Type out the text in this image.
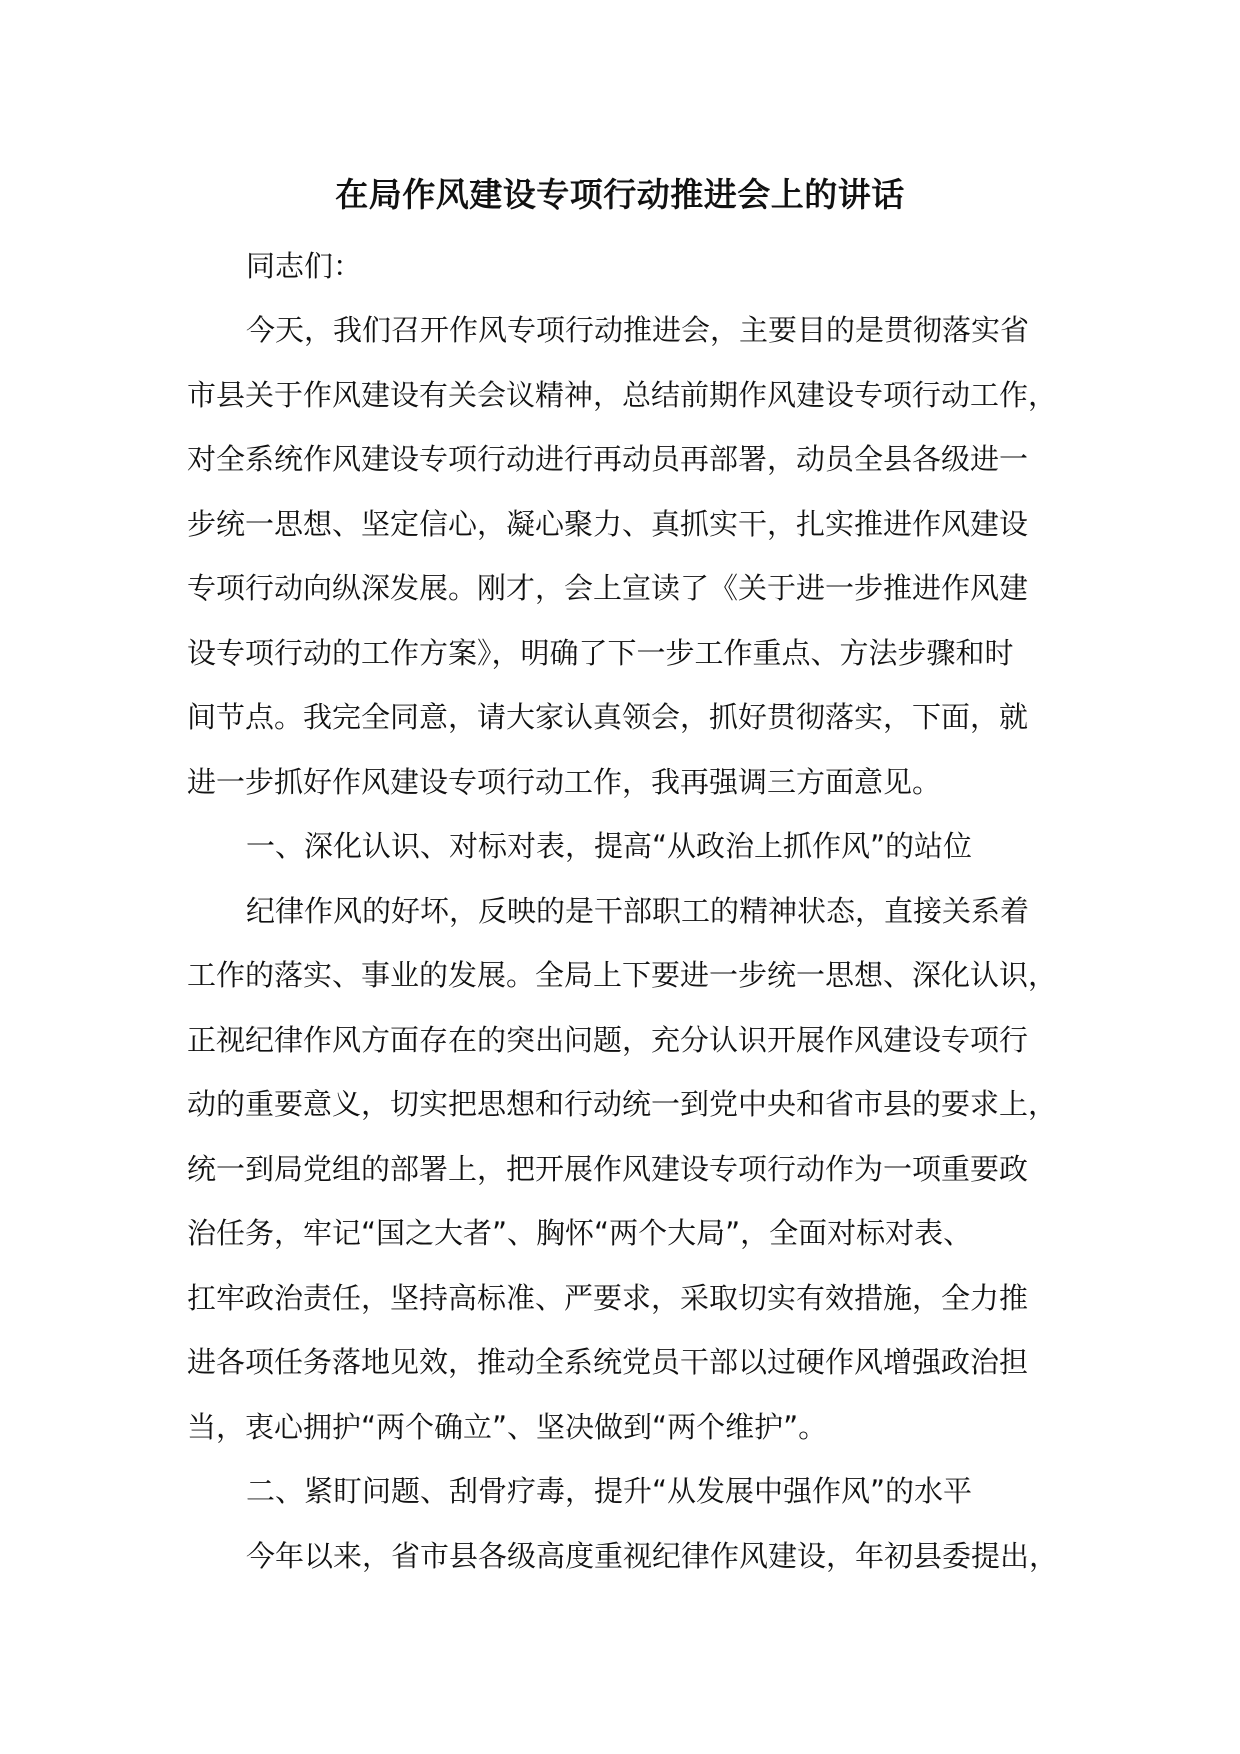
在局作风建设专项行动推进会上的讲话

同志们：

今天，我们召开作风专项行动推进会，主要目的是贯彻落实省

市县关于作风建设有关会议精神，总结前期作风建设专项行动工作，

对全系统作风建设专项行动进行再动员再部署，动员全县各级进一

步统一思想、坚定信心，凝心聚力、真抓实干，扎实推进作风建设

专项行动向纵深发展。刚才，会上宣读了《关于进一步推进作风建

设专项行动的工作方案》，明确了下一步工作重点、方法步骤和时

间节点。我完全同意，请大家认真领会，抓好贯彻落实，下面，就

进一步抓好作风建设专项行动工作，我再强调三方面意见。

一、深化认识、对标对表，提高“从政治上抓作风”的站位

纪律作风的好坏，反映的是干部职工的精神状态，直接关系着

工作的落实、事业的发展。全局上下要进一步统一思想、深化认识，

正视纪律作风方面存在的突出问题，充分认识开展作风建设专项行

动的重要意义，切实把思想和行动统一到党中央和省市县的要求上，

统一到局党组的部署上，把开展作风建设专项行动作为一项重要政

治任务，牢记“国之大者”、胸怀“两个大局”，全面对标对表、

扛牢政治责任，坚持高标准、严要求，采取切实有效措施，全力推

进各项任务落地见效，推动全系统党员干部以过硬作风增强政治担

当，衷心拥护“两个确立”、坚决做到“两个维护”。

二、紧盯问题、刮骨疗毒，提升“从发展中强作风”的水平

今年以来，省市县各级高度重视纪律作风建设，年初县委提出，
